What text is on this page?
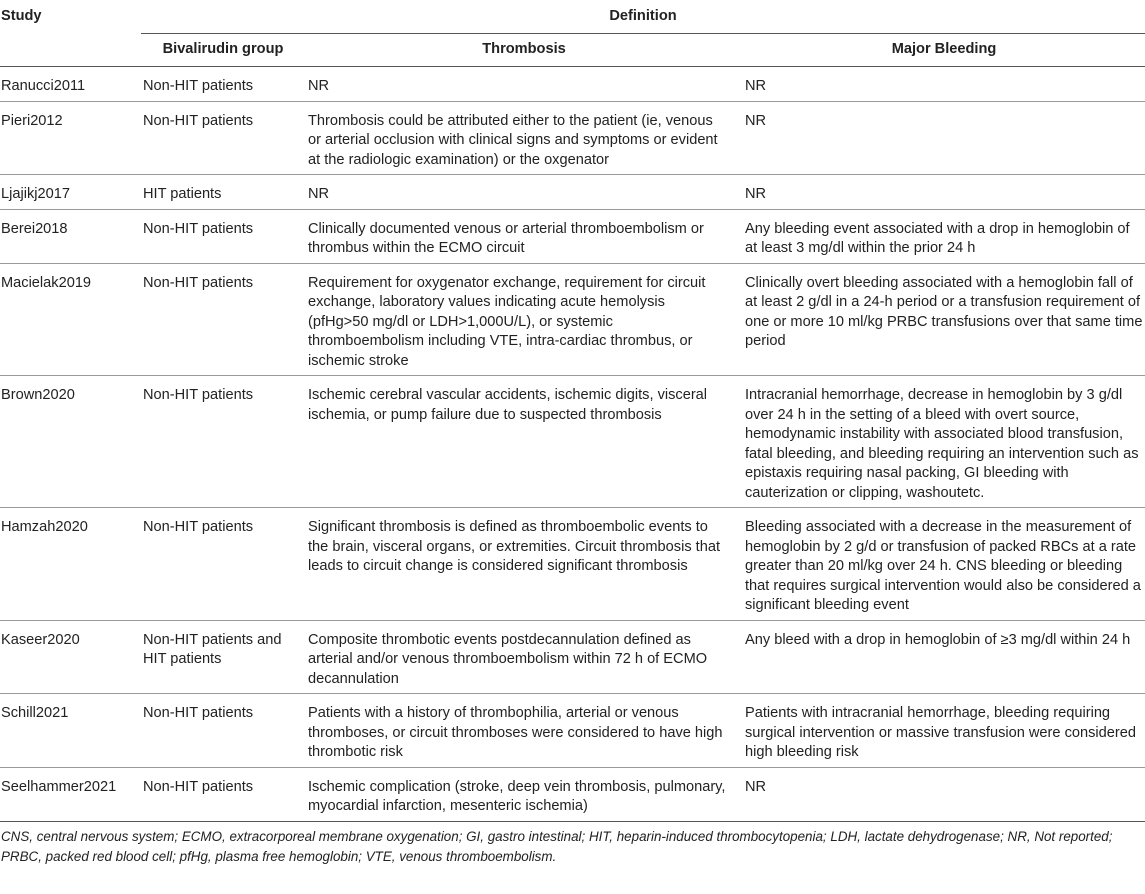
Study	Definition		
	Bivalirudin group	Thrombosis	Major Bleeding
Ranucci2011	Non-HIT patients	NR	NR
Pieri2012	Non-HIT patients	Thrombosis could be attributed either to the patient (ie, venous or arterial occlusion with clinical signs and symptoms or evident at the radiologic examination) or the oxgenator	NR
Ljajikj2017	HIT patients	NR	NR
Berei2018	Non-HIT patients	Clinically documented venous or arterial thromboembolism or thrombus within the ECMO circuit	Any bleeding event associated with a drop in hemoglobin of at least 3 mg/dl within the prior 24 h
Macielak2019	Non-HIT patients	Requirement for oxygenator exchange, requirement for circuit exchange, laboratory values indicating acute hemolysis (pfHg>50 mg/dl or LDH>1,000U/L), or systemic thromboembolism including VTE, intra-cardiac thrombus, or ischemic stroke	Clinically overt bleeding associated with a hemoglobin fall of at least 2 g/dl in a 24-h period or a transfusion requirement of one or more 10 ml/kg PRBC transfusions over that same time period
Brown2020	Non-HIT patients	Ischemic cerebral vascular accidents, ischemic digits, visceral ischemia, or pump failure due to suspected thrombosis	Intracranial hemorrhage, decrease in hemoglobin by 3 g/dl over 24 h in the setting of a bleed with overt source, hemodynamic instability with associated blood transfusion, fatal bleeding, and bleeding requiring an intervention such as epistaxis requiring nasal packing, GI bleeding with cauterization or clipping, washoutetc.
Hamzah2020	Non-HIT patients	Significant thrombosis is defined as thromboembolic events to the brain, visceral organs, or extremities. Circuit thrombosis that leads to circuit change is considered significant thrombosis	Bleeding associated with a decrease in the measurement of hemoglobin by 2 g/d or transfusion of packed RBCs at a rate greater than 20 ml/kg over 24 h. CNS bleeding or bleeding that requires surgical intervention would also be considered a significant bleeding event
Kaseer2020	Non-HIT patients and HIT patients	Composite thrombotic events postdecannulation defined as arterial and/or venous thromboembolism within 72 h of ECMO decannulation	Any bleed with a drop in hemoglobin of ≥3 mg/dl within 24 h
Schill2021	Non-HIT patients	Patients with a history of thrombophilia, arterial or venous thromboses, or circuit thromboses were considered to have high thrombotic risk	Patients with intracranial hemorrhage, bleeding requiring surgical intervention or massive transfusion were considered high bleeding risk
Seelhammer2021	Non-HIT patients	Ischemic complication (stroke, deep vein thrombosis, pulmonary, myocardial infarction, mesenteric ischemia)	NR
CNS, central nervous system; ECMO, extracorporeal membrane oxygenation; GI, gastro intestinal; HIT, heparin-induced thrombocytopenia; LDH, lactate dehydrogenase; NR, Not reported; PRBC, packed red blood cell; pfHg, plasma free hemoglobin; VTE, venous thromboembolism.
